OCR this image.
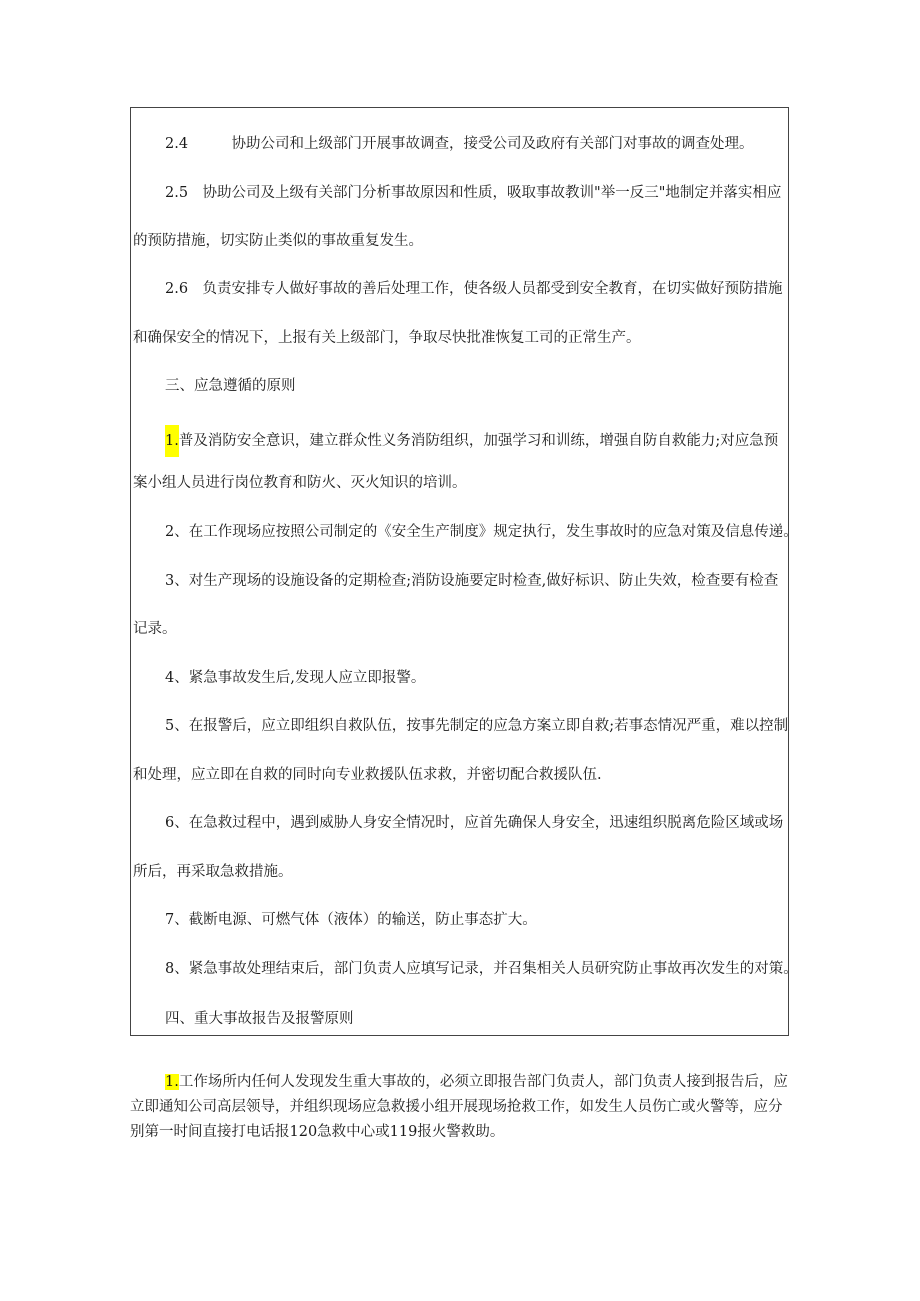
2.4　　　协助公司和上级部门开展事故调查，接受公司及政府有关部门对事故的调查处理。

2.5　协助公司及上级有关部门分析事故原因和性质，吸取事故教训"举一反三"地制定并落实相应

的预防措施，切实防止类似的事故重复发生。

2.6　负责安排专人做好事故的善后处理工作，使各级人员都受到安全教育，在切实做好预防措施

和确保安全的情况下，上报有关上级部门，争取尽快批准恢复工司的正常生产。

三、应急遵循的原则

1.普及消防安全意识，建立群众性义务消防组织，加强学习和训练，增强自防自救能力;对应急预

案小组人员进行岗位教育和防火、灭火知识的培训。

2、在工作现场应按照公司制定的《安全生产制度》规定执行，发生事故时的应急对策及信息传递。

3、对生产现场的设施设备的定期检查;消防设施要定时检查,做好标识、防止失效，检查要有检查

记录。

4、紧急事故发生后,发现人应立即报警。

5、在报警后，应立即组织自救队伍，按事先制定的应急方案立即自救;若事态情况严重，难以控制

和处理，应立即在自救的同时向专业救援队伍求救，并密切配合救援队伍.

6、在急救过程中，遇到威胁人身安全情况时，应首先确保人身安全，迅速组织脱离危险区域或场

所后，再采取急救措施。

7、截断电源、可燃气体（液体）的输送，防止事态扩大。

8、紧急事故处理结束后，部门负责人应填写记录，并召集相关人员研究防止事故再次发生的对策。

四、重大事故报告及报警原则

1.工作场所内任何人发现发生重大事故的，必须立即报告部门负责人，部门负责人接到报告后，应

立即通知公司高层领导，并组织现场应急救援小组开展现场抢救工作，如发生人员伤亡或火警等，应分

别第一时间直接打电话报120急救中心或119报火警救助。
